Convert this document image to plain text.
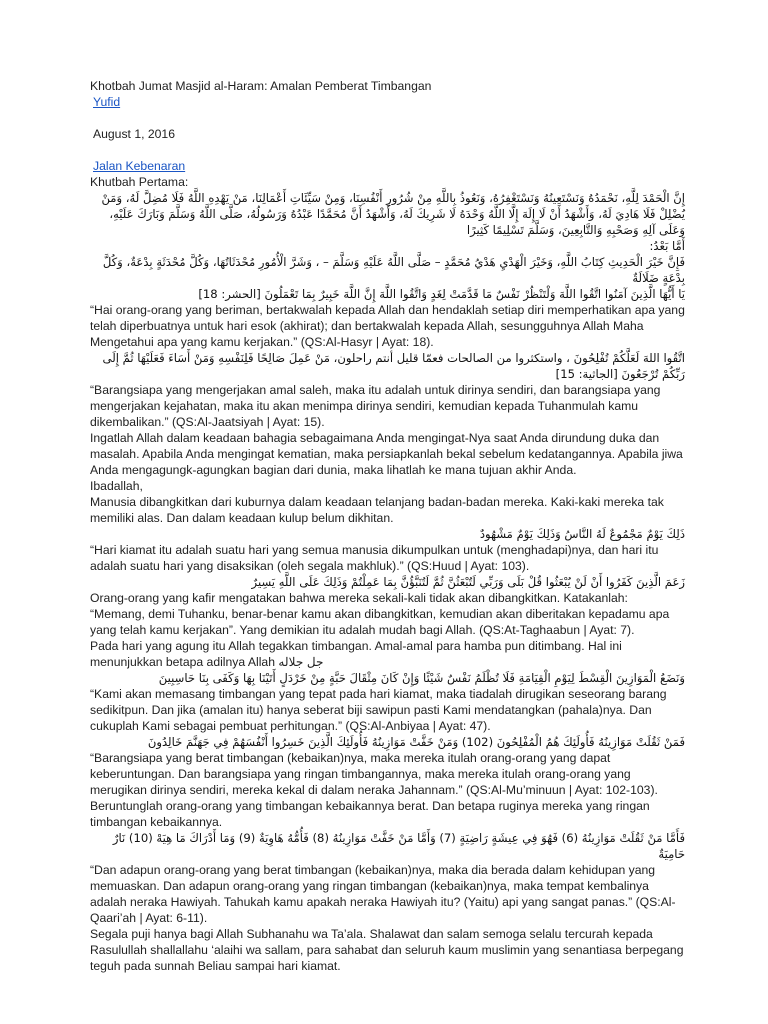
Khotbah Jumat Masjid al-Haram: Amalan Pemberat Timbangan

Yufid

August 1, 2016

Jalan Kebenaran

Khutbah Pertama:

إِنَّ الْحَمْدَ لِلَّهِ، نَحْمَدُهُ وَنَسْتَعِينُهُ وَنَسْتَغْفِرُهُ، وَنَعُوذُ بِاللَّهِ مِنْ شُرُورِ أَنْفُسِنَا، وَمِنْ سَيِّئَاتِ أَعْمَالِنَا، مَنْ يَهْدِهِ اللَّهُ فَلَا مُضِلَّ لَهُ، وَمَنْ يُضْلِلْ فَلَا هَادِيَ لَهُ، وَأَشْهَدُ أَنْ لَا إِلَهَ إِلَّا اللَّهُ وَحْدَهُ لَا شَرِيكَ لَهُ، وَأَشْهَدُ أَنَّ مُحَمَّدًا عَبْدُهُ وَرَسُولُهُ، صَلَّى اللَّهُ وَسَلَّمَ وَبَارَكَ عَلَيْهِ، وَعَلَى آلِهِ وَصَحْبِهِ وَالتَّابِعِينَ، وَسَلَّمَ تَسْلِيمًا كَثِيرًا

أَمَّا بَعْدُ:

فَإِنَّ خَيْرَ الْحَدِيثِ كِتَابُ اللَّهِ، وَخَيْرَ الْهَدْيِ هَدْيُ مُحَمَّدٍ – صَلَّى اللَّهُ عَلَيْهِ وَسَلَّمَ – ، وَشَرَّ الْأُمُورِ مُحْدَثَاتُهَا، وَكُلَّ مُحْدَثَةٍ بِدْعَةٌ، وَكُلَّ بِدْعَةٍ ضَلَالَةٌ

يَا أَيُّهَا الَّذِينَ آمَنُوا اتَّقُوا اللَّهَ وَلْتَنْظُرْ نَفْسٌ مَا قَدَّمَتْ لِغَدٍ وَاتَّقُوا اللَّهَ إِنَّ اللَّهَ خَبِيرٌ بِمَا تَعْمَلُونَ [الحشر: 18]

“Hai orang-orang yang beriman, bertakwalah kepada Allah dan hendaklah setiap diri memperhatikan apa yang telah diperbuatnya untuk hari esok (akhirat); dan bertakwalah kepada Allah, sesungguhnya Allah Maha Mengetahui apa yang kamu kerjakan.” (QS:Al-Hasyr | Ayat: 18).

اتَّقُوا اللهَ لَعَلَّكُمْ تُفْلِحُونَ ، واستكثروا من الصالحات فعمّا قليل أنتم راحلون، مَنْ عَمِلَ صَالِحًا فَلِنَفْسِهِ وَمَنْ أَسَاءَ فَعَلَيْهَا ثُمَّ إِلَى رَبِّكُمْ تُرْجَعُونَ [الجاثية: 15]

“Barangsiapa yang mengerjakan amal saleh, maka itu adalah untuk dirinya sendiri, dan barangsiapa yang mengerjakan kejahatan, maka itu akan menimpa dirinya sendiri, kemudian kepada Tuhanmulah kamu dikembalikan.” (QS:Al-Jaatsiyah | Ayat: 15).

Ingatlah Allah dalam keadaan bahagia sebagaimana Anda mengingat-Nya saat Anda dirundung duka dan masalah. Apabila Anda mengingat kematian, maka persiapkanlah bekal sebelum kedatangannya. Apabila jiwa Anda mengagungk-agungkan bagian dari dunia, maka lihatlah ke mana tujuan akhir Anda.

Ibadallah,

Manusia dibangkitkan dari kuburnya dalam keadaan telanjang badan-badan mereka. Kaki-kaki mereka tak memiliki alas. Dan dalam keadaan kulup belum dikhitan.

ذَلِكَ يَوْمٌ مَجْمُوعٌ لَهُ النَّاسُ وَذَلِكَ يَوْمٌ مَشْهُودٌ

“Hari kiamat itu adalah suatu hari yang semua manusia dikumpulkan untuk (menghadapi)nya, dan hari itu adalah suatu hari yang disaksikan (oleh segala makhluk).” (QS:Huud | Ayat: 103).

زَعَمَ الَّذِينَ كَفَرُوا أَنْ لَنْ يُبْعَثُوا قُلْ بَلَى وَرَبِّي لَتُبْعَثُنَّ ثُمَّ لَتُنَبَّؤُنَّ بِمَا عَمِلْتُمْ وَذَلِكَ عَلَى اللَّهِ يَسِيرٌ

Orang-orang yang kafir mengatakan bahwa mereka sekali-kali tidak akan dibangkitkan. Katakanlah: “Memang, demi Tuhanku, benar-benar kamu akan dibangkitkan, kemudian akan diberitakan kepadamu apa yang telah kamu kerjakan”. Yang demikian itu adalah mudah bagi Allah. (QS:At-Taghaabun | Ayat: 7).

Pada hari yang agung itu Allah tegakkan timbangan. Amal-amal para hamba pun ditimbang. Hal ini menunjukkan betapa adilnya Allah جل جلاله

وَنَضَعُ الْمَوَازِينَ الْقِسْطَ لِيَوْمِ الْقِيَامَةِ فَلَا تُظْلَمُ نَفْسٌ شَيْئًا وَإِنْ كَانَ مِثْقَالَ حَبَّةٍ مِنْ خَرْدَلٍ أَتَيْنَا بِهَا وَكَفَى بِنَا حَاسِبِينَ

“Kami akan memasang timbangan yang tepat pada hari kiamat, maka tiadalah dirugikan seseorang barang sedikitpun. Dan jika (amalan itu) hanya seberat biji sawipun pasti Kami mendatangkan (pahala)nya. Dan cukuplah Kami sebagai pembuat perhitungan.” (QS:Al-Anbiyaa | Ayat: 47).

فَمَنْ ثَقُلَتْ مَوَازِينُهُ فَأُولَئِكَ هُمُ الْمُفْلِحُونَ (102) وَمَنْ خَفَّتْ مَوَازِينُهُ فَأُولَئِكَ الَّذِينَ خَسِرُوا أَنْفُسَهُمْ فِي جَهَنَّمَ خَالِدُونَ

“Barangsiapa yang berat timbangan (kebaikan)nya, maka mereka itulah orang-orang yang dapat keberuntungan. Dan barangsiapa yang ringan timbangannya, maka mereka itulah orang-orang yang merugikan dirinya sendiri, mereka kekal di dalam neraka Jahannam.” (QS:Al-Mu’minuun | Ayat: 102-103).

Beruntunglah orang-orang yang timbangan kebaikannya berat. Dan betapa ruginya mereka yang ringan timbangan kebaikannya.

فَأَمَّا مَنْ ثَقُلَتْ مَوَازِينُهُ (6) فَهُوَ فِي عِيشَةٍ رَاضِيَةٍ (7) وَأَمَّا مَنْ خَفَّتْ مَوَازِينُهُ (8) فَأُمُّهُ هَاوِيَةٌ (9) وَمَا أَدْرَاكَ مَا هِيَهْ (10) نَارٌ حَامِيَةٌ

“Dan adapun orang-orang yang berat timbangan (kebaikan)nya, maka dia berada dalam kehidupan yang memuaskan. Dan adapun orang-orang yang ringan timbangan (kebaikan)nya, maka tempat kembalinya adalah neraka Hawiyah. Tahukah kamu apakah neraka Hawiyah itu? (Yaitu) api yang sangat panas.” (QS:Al-Qaari’ah | Ayat: 6-11).

Segala puji hanya bagi Allah Subhanahu wa Ta’ala. Shalawat dan salam semoga selalu tercurah kepada Rasulullah shallallahu ‘alaihi wa sallam, para sahabat dan seluruh kaum muslimin yang senantiasa berpegang teguh pada sunnah Beliau sampai hari kiamat.
